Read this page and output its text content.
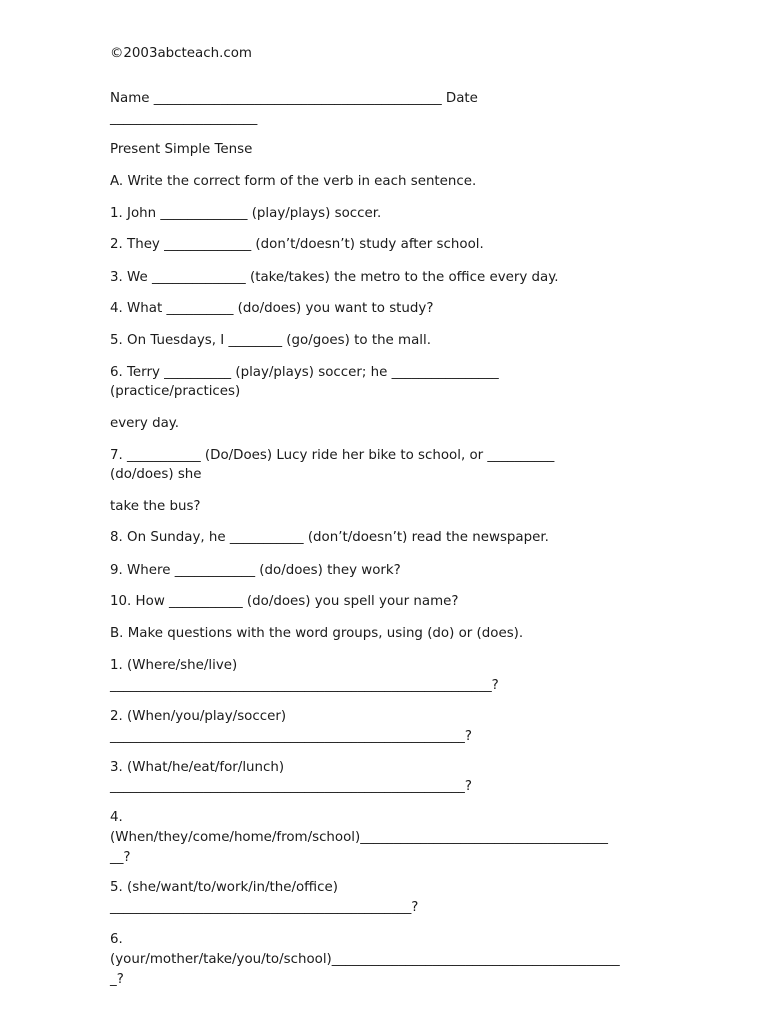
©2003abcteach.com
Name ___________________________________________ Date
______________________
Present Simple Tense
A. Write the correct form of the verb in each sentence.
1. John _____________ (play/plays) soccer.
2. They _____________ (don’t/doesn’t) study after school.
3. We ______________ (take/takes) the metro to the office every day.
4. What __________ (do/does) you want to study?
5. On Tuesdays, I ________ (go/goes) to the mall.
6. Terry __________ (play/plays) soccer; he ________________
(practice/practices)
every day.
7. ___________ (Do/Does) Lucy ride her bike to school, or __________
(do/does) she
take the bus?
8. On Sunday, he ___________ (don’t/doesn’t) read the newspaper.
9. Where ____________ (do/does) they work?
10. How ___________ (do/does) you spell your name?
B. Make questions with the word groups, using (do) or (does).
1. (Where/she/live)
_________________________________________________________?
2. (When/you/play/soccer)
_____________________________________________________?
3. (What/he/eat/for/lunch)
_____________________________________________________?
4.
(When/they/come/home/from/school)_____________________________________
__?
5. (she/want/to/work/in/the/office)
_____________________________________________?
6.
(your/mother/take/you/to/school)___________________________________________
_?
